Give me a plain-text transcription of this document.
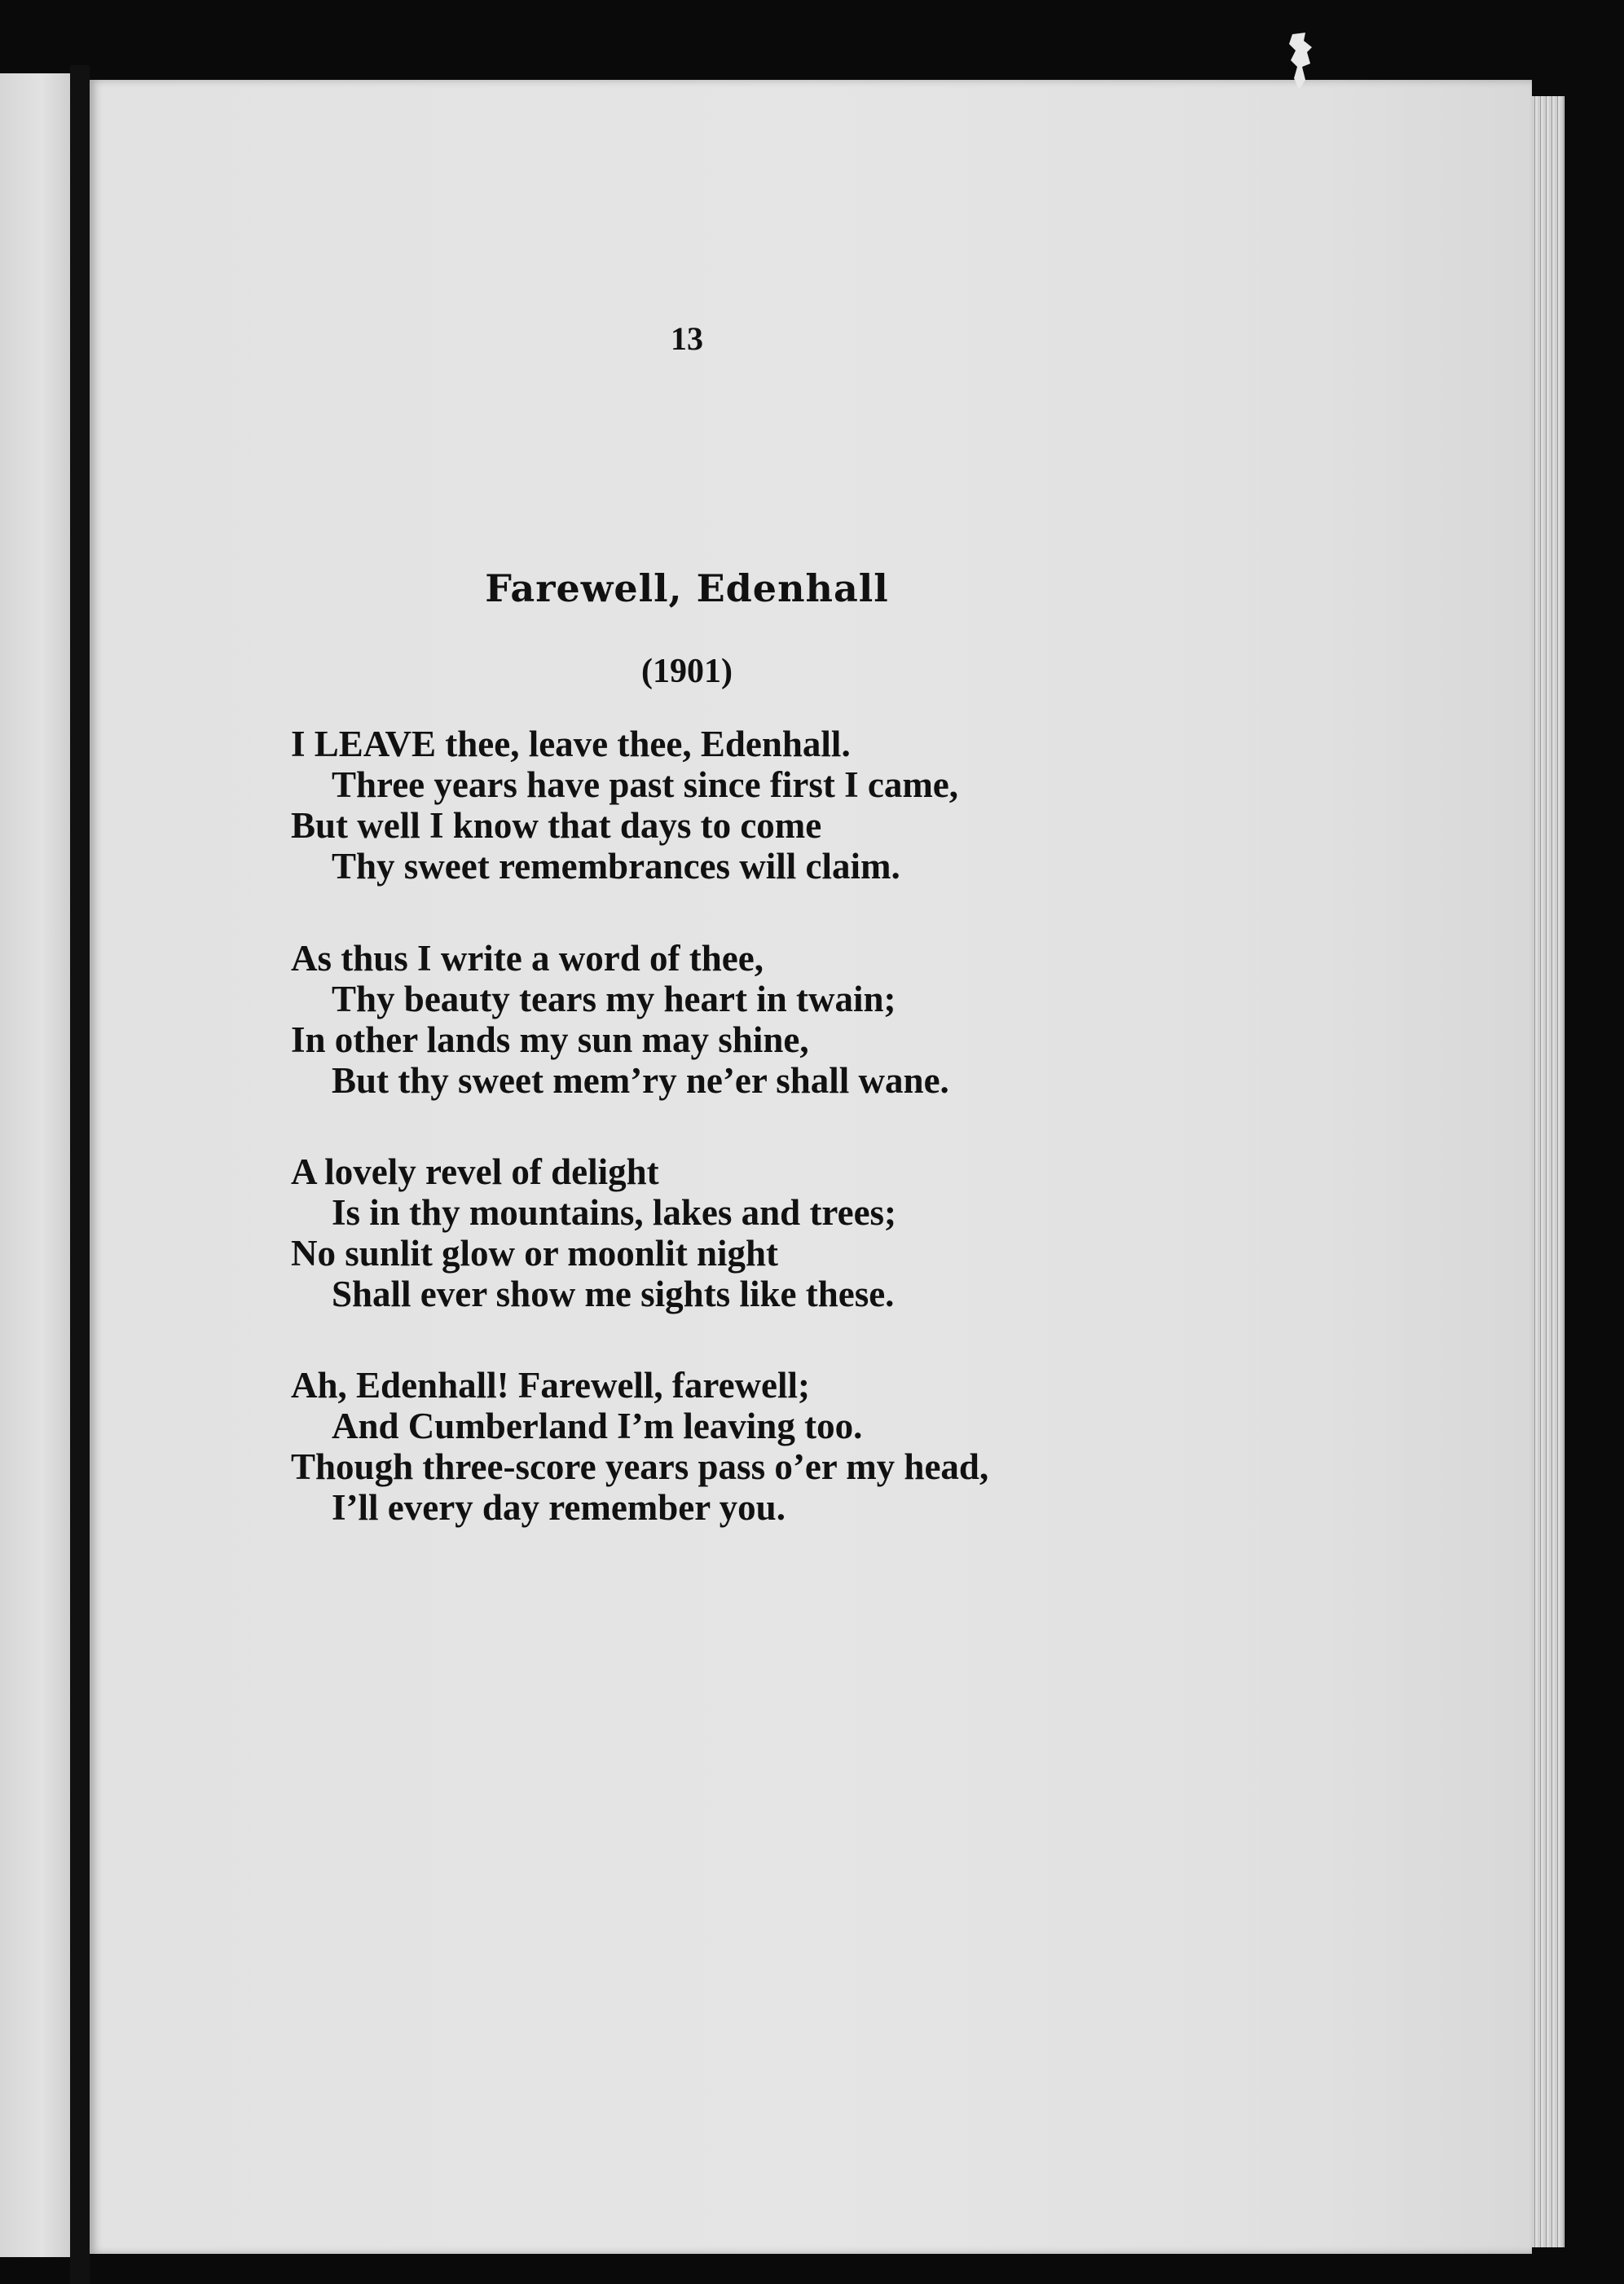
13
Farewell, Edenhall
(1901)
I LEAVE thee, leave thee, Edenhall.
Three years have past since first I came,
But well I know that days to come
Thy sweet remembrances will claim.
As thus I write a word of thee,
Thy beauty tears my heart in twain;
In other lands my sun may shine,
But thy sweet mem’ry ne’er shall wane.
A lovely revel of delight
Is in thy mountains, lakes and trees;
No sunlit glow or moonlit night
Shall ever show me sights like these.
Ah, Edenhall! Farewell, farewell;
And Cumberland I’m leaving too.
Though three-score years pass o’er my head,
I’ll every day remember you.
